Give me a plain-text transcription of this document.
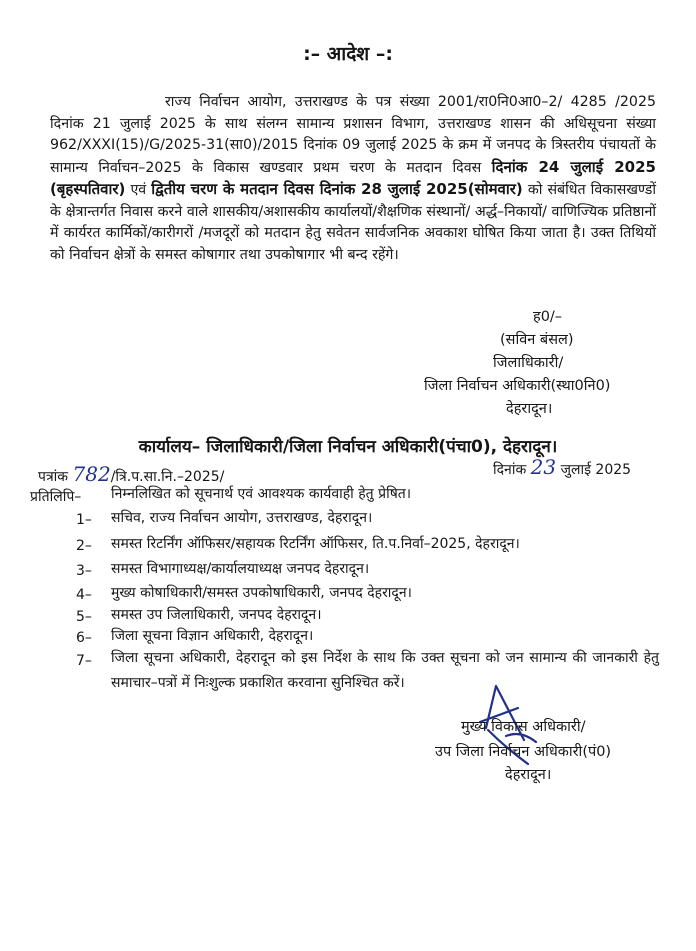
:– आदेश –:
राज्य निर्वाचन आयोग, उत्तराखण्ड के पत्र संख्या 2001/रा0नि0आ0–2/ 4285 /2025 दिनांक 21 जुलाई 2025 के साथ संलग्न सामान्य प्रशासन विभाग, उत्तराखण्ड शासन की अधिसूचना संख्या 962/XXXI(15)/G/2025-31(सा0)/2015 दिनांक 09 जुलाई 2025 के क्रम में जनपद के त्रिस्तरीय पंचायतों के सामान्य निर्वाचन–2025 के विकास खण्डवार प्रथम चरण के मतदान दिवस दिनांक 24 जुलाई 2025 (बृहस्पतिवार) एवं द्वितीय चरण के मतदान दिवस दिनांक 28 जुलाई 2025(सोमवार) को संबंधित विकासखण्डों के क्षेत्रान्तर्गत निवास करने वाले शासकीय/अशासकीय कार्यालयों/शैक्षणिक संस्थानों/ अर्द्ध–निकायों/ वाणिज्यिक प्रतिष्ठानों में कार्यरत कार्मिकों/कारीगरों /मजदूरों को मतदान हेतु सवेतन सार्वजनिक अवकाश घोषित किया जाता है। उक्त तिथियों को निर्वाचन क्षेत्रों के समस्त कोषागार तथा उपकोषागार भी बन्द रहेंगे।
ह0/–
(सविन बंसल)
जिलाधिकारी/
जिला निर्वाचन अधिकारी(स्था0नि0)
देहरादून।
कार्यालय– जिलाधिकारी/जिला निर्वाचन अधिकारी(पंचा0), देहरादून।
पत्रांक 782/त्रि.प.सा.नि.–2025/	दिनांक 23 जुलाई 2025
प्रतिलिपि– निम्नलिखित को सूचनार्थ एवं आवश्यक कार्यवाही हेतु प्रेषित।
1– सचिव, राज्य निर्वाचन आयोग, उत्तराखण्ड, देहरादून।
2– समस्त रिटर्निंग ऑफिसर/सहायक रिटर्निंग ऑफिसर, ति.प.निर्वा–2025, देहरादून।
3– समस्त विभागाध्यक्ष/कार्यालयाध्यक्ष जनपद देहरादून।
4– मुख्य कोषाधिकारी/समस्त उपकोषाधिकारी, जनपद देहरादून।
5– समस्त उप जिलाधिकारी, जनपद देहरादून।
6– जिला सूचना विज्ञान अधिकारी, देहरादून।
7– जिला सूचना अधिकारी, देहरादून को इस निर्देश के साथ कि उक्त सूचना को जन सामान्य की जानकारी हेतु समाचार–पत्रों में निःशुल्क प्रकाशित करवाना सुनिश्चित करें।
मुख्य विकास अधिकारी/
उप जिला निर्वाचन अधिकारी(पं0)
देहरादून।
